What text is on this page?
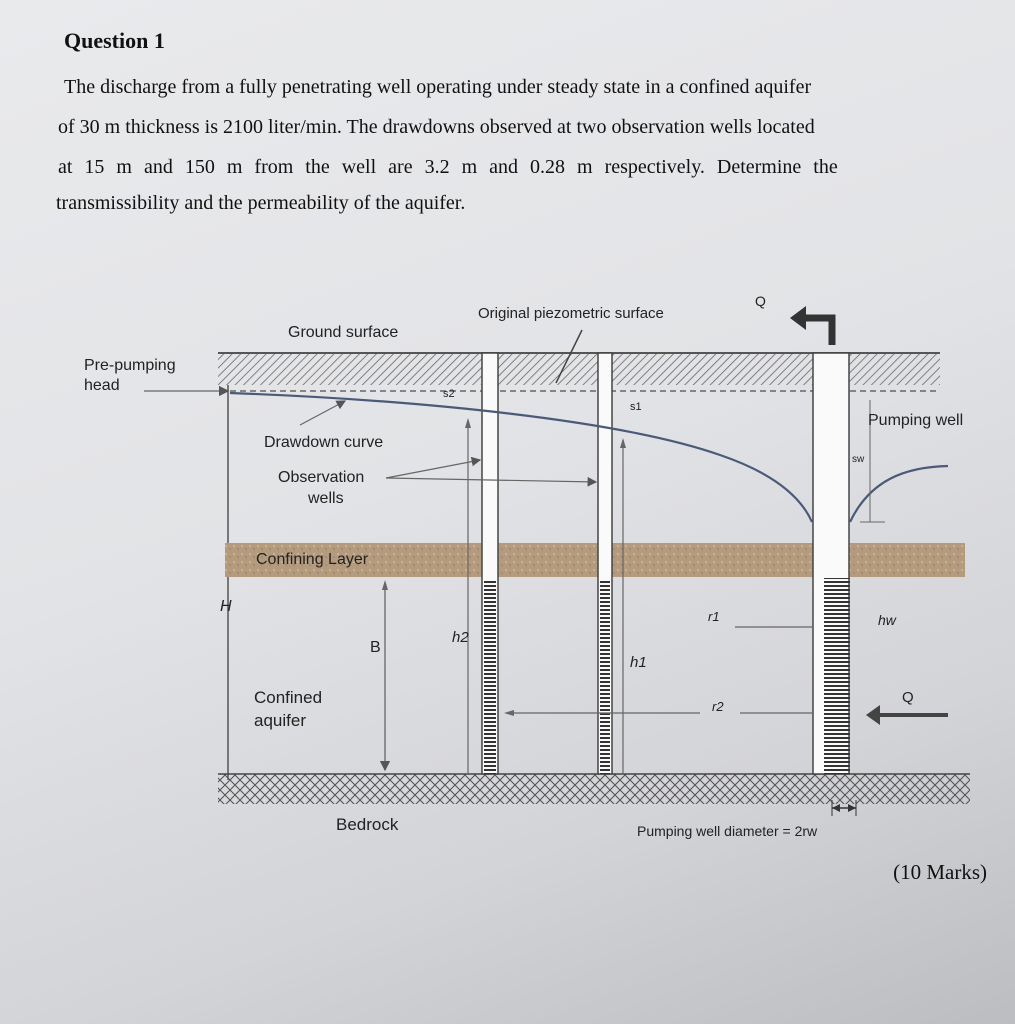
Question 1

The discharge from a fully penetrating well operating under steady state in a confined aquifer

of 30 m thickness is 2100 liter/min. The drawdowns observed at two observation wells located

at 15 m and 150 m from the well are 3.2 m and 0.28 m respectively. Determine the

transmissibility and the permeability of the aquifer.

Ground surface
Original piezometric surface
Q
Pre-pumping
head	s2
s1
Pumping well
Drawdown curve
Observation
wells
sw
Confining Layer
H
r1	hw
B
h2
h1
Confined
aquifer
r2
Q
Bedrock	Pumping well diameter = 2rw

(10 Marks)
